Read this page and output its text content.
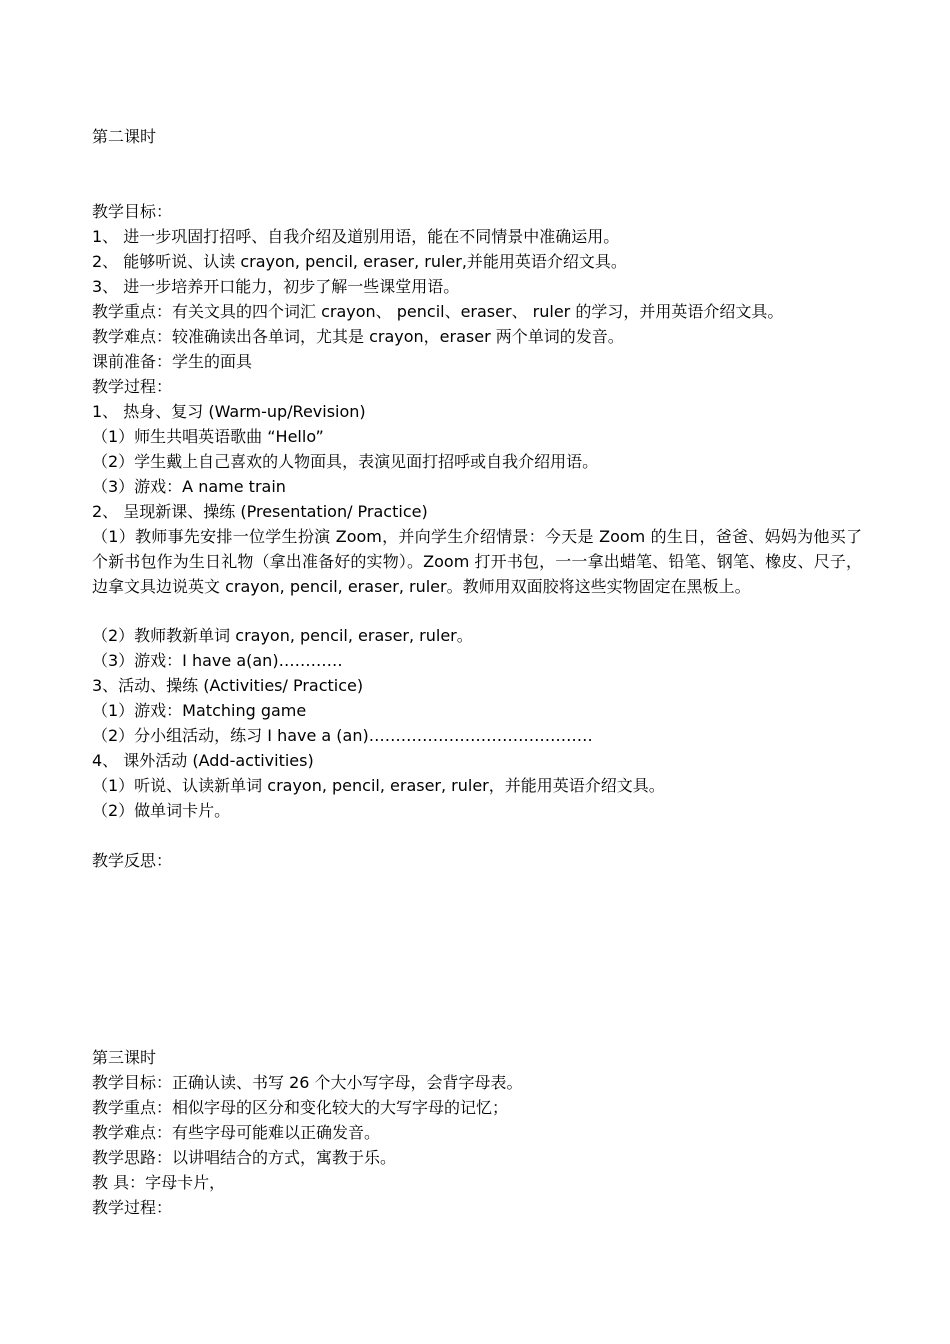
第二课时
教学目标：
1、 进一步巩固打招呼、自我介绍及道别用语，能在不同情景中准确运用。
2、 能够听说、认读 crayon, pencil, eraser, ruler,并能用英语介绍文具。
3、 进一步培养开口能力，初步了解一些课堂用语。
教学重点：有关文具的四个词汇 crayon、 pencil、eraser、 ruler 的学习，并用英语介绍文具。
教学难点：较准确读出各单词，尤其是 crayon，eraser 两个单词的发音。
课前准备：学生的面具
教学过程：
1、 热身、复习 (Warm-up/Revision)
（1）师生共唱英语歌曲 “Hello”
（2）学生戴上自己喜欢的人物面具，表演见面打招呼或自我介绍用语。
（3）游戏：A name train
2、 呈现新课、操练 (Presentation/ Practice)
（1）教师事先安排一位学生扮演 Zoom，并向学生介绍情景：今天是 Zoom 的生日，爸爸、妈妈为他买了个新书包作为生日礼物（拿出准备好的实物）。Zoom 打开书包，一一拿出蜡笔、铅笔、钢笔、橡皮、尺子，边拿文具边说英文 crayon, pencil, eraser, ruler。教师用双面胶将这些实物固定在黑板上。
（2）教师教新单词 crayon, pencil, eraser, ruler。
（3）游戏：I have a(an)…………
3、活动、操练 (Activities/ Practice)
（1）游戏：Matching game
（2）分小组活动，练习 I have a (an)……………………………………
4、 课外活动 (Add-activities)
（1）听说、认读新单词 crayon, pencil, eraser, ruler，并能用英语介绍文具。
（2）做单词卡片。
教学反思：
第三课时
教学目标：正确认读、书写 26 个大小写字母，会背字母表。
教学重点：相似字母的区分和变化较大的大写字母的记忆；
教学难点：有些字母可能难以正确发音。
教学思路：以讲唱结合的方式，寓教于乐。
教 具：字母卡片，
教学过程：
